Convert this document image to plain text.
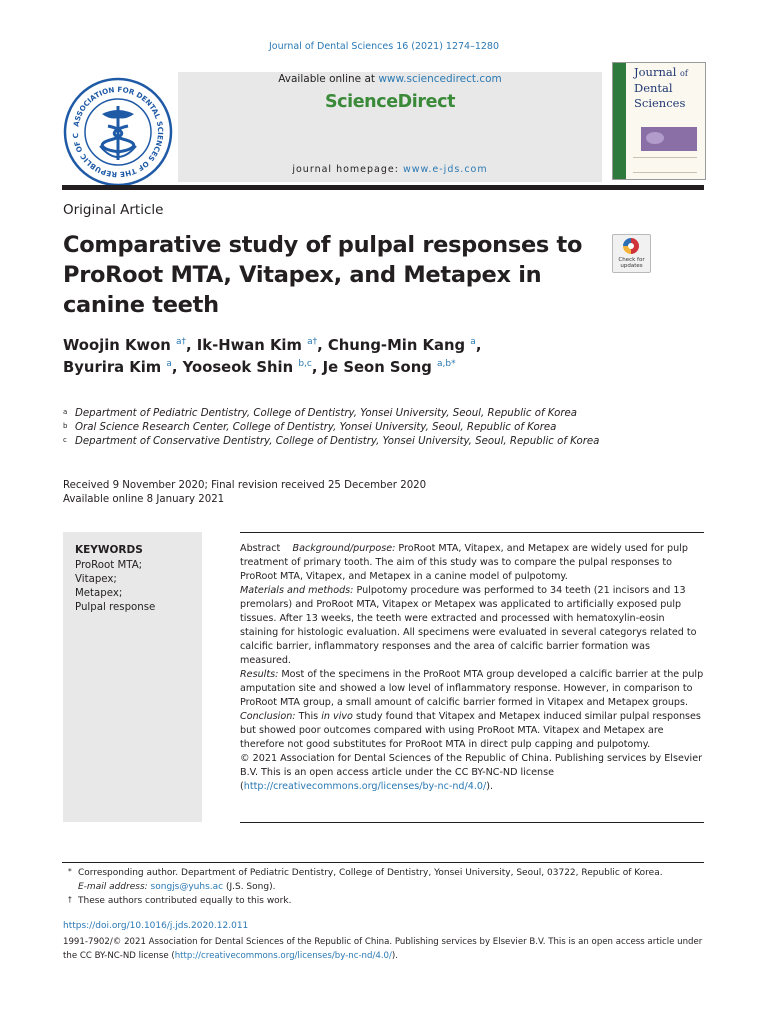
Journal of Dental Sciences 16 (2021) 1274–1280
ASSOCIATION FOR DENTAL SCIENCES OF THE REPUBLIC OF C
Available online at www.sciencedirect.com
ScienceDirect
journal homepage: www.e-jds.com
Journal of
Dental
Sciences
Original Article
Comparative study of pulpal responses to ProRoot MTA, Vitapex, and Metapex in canine teeth
Check for
updates
Woojin Kwon $^{a\dagger}$, Ik-Hwan Kim $^{a\dagger}$, Chung-Min Kang $^a$,
Byurira Kim $^a$, Yooseok Shin $^{b,c}$, Je Seon Song $^{a,b*}$
a Department of Pediatric Dentistry, College of Dentistry, Yonsei University, Seoul, Republic of Korea
b Oral Science Research Center, College of Dentistry, Yonsei University, Seoul, Republic of Korea
c Department of Conservative Dentistry, College of Dentistry, Yonsei University, Seoul, Republic of Korea
Received 9 November 2020; Final revision received 25 December 2020
Available online 8 January 2021
KEYWORDS
ProRoot MTA;
Vitapex;
Metapex;
Pulpal response
Abstract Background/purpose: ProRoot MTA, Vitapex, and Metapex are widely used for pulp treatment of primary tooth. The aim of this study was to compare the pulpal responses to ProRoot MTA, Vitapex, and Metapex in a canine model of pulpotomy.
Materials and methods: Pulpotomy procedure was performed to 34 teeth (21 incisors and 13 premolars) and ProRoot MTA, Vitapex or Metapex was applicated to artificially exposed pulp tissues. After 13 weeks, the teeth were extracted and processed with hematoxylin-eosin staining for histologic evaluation. All specimens were evaluated in several categorys related to calcific barrier, inflammatory responses and the area of calcific barrier formation was measured.
Results: Most of the specimens in the ProRoot MTA group developed a calcific barrier at the pulp amputation site and showed a low level of inflammatory response. However, in comparison to ProRoot MTA group, a small amount of calcific barrier formed in Vitapex and Metapex groups.
Conclusion: This in vivo study found that Vitapex and Metapex induced similar pulpal responses but showed poor outcomes compared with using ProRoot MTA. Vitapex and Metapex are therefore not good substitutes for ProRoot MTA in direct pulp capping and pulpotomy.
© 2021 Association for Dental Sciences of the Republic of China. Publishing services by Elsevier B.V. This is an open access article under the CC BY-NC-ND license (http://creativecommons.org/licenses/by-nc-nd/4.0/).
* Corresponding author. Department of Pediatric Dentistry, College of Dentistry, Yonsei University, Seoul, 03722, Republic of Korea.
E-mail address: songjs@yuhs.ac (J.S. Song).
† These authors contributed equally to this work.
https://doi.org/10.1016/j.jds.2020.12.011
1991-7902/© 2021 Association for Dental Sciences of the Republic of China. Publishing services by Elsevier B.V. This is an open access article under the CC BY-NC-ND license (http://creativecommons.org/licenses/by-nc-nd/4.0/).
